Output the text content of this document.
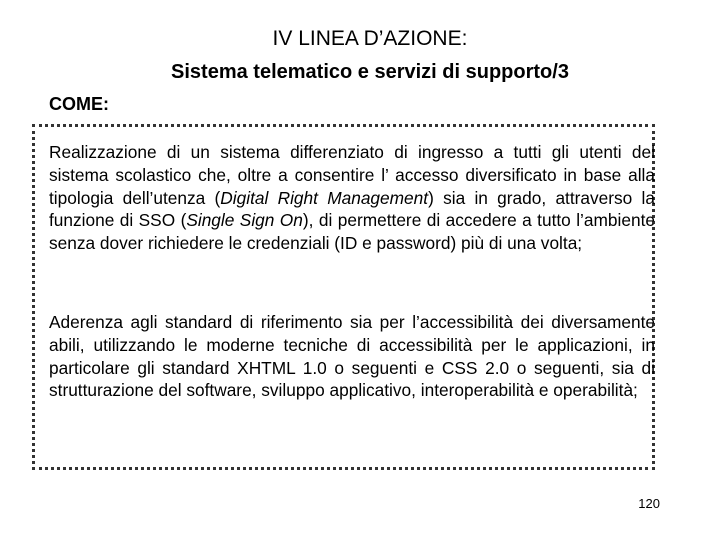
IV LINEA D’AZIONE:
Sistema telematico e servizi di supporto/3
COME:
Realizzazione di un sistema differenziato di ingresso a tutti gli utenti del sistema scolastico che, oltre a consentire l’ accesso diversificato in base alla tipologia dell’utenza (Digital Right Management) sia in grado, attraverso la funzione di SSO (Single Sign On), di permettere di accedere a tutto l’ambiente senza dover richiedere le credenziali (ID e password) più di una volta;
Aderenza agli standard di riferimento sia per l’accessibilità dei diversamente abili, utilizzando le moderne tecniche di accessibilità per le applicazioni, in particolare gli standard XHTML 1.0 o seguenti e CSS 2.0 o seguenti, sia di strutturazione del software, sviluppo applicativo, interoperabilità e operabilità;
120
